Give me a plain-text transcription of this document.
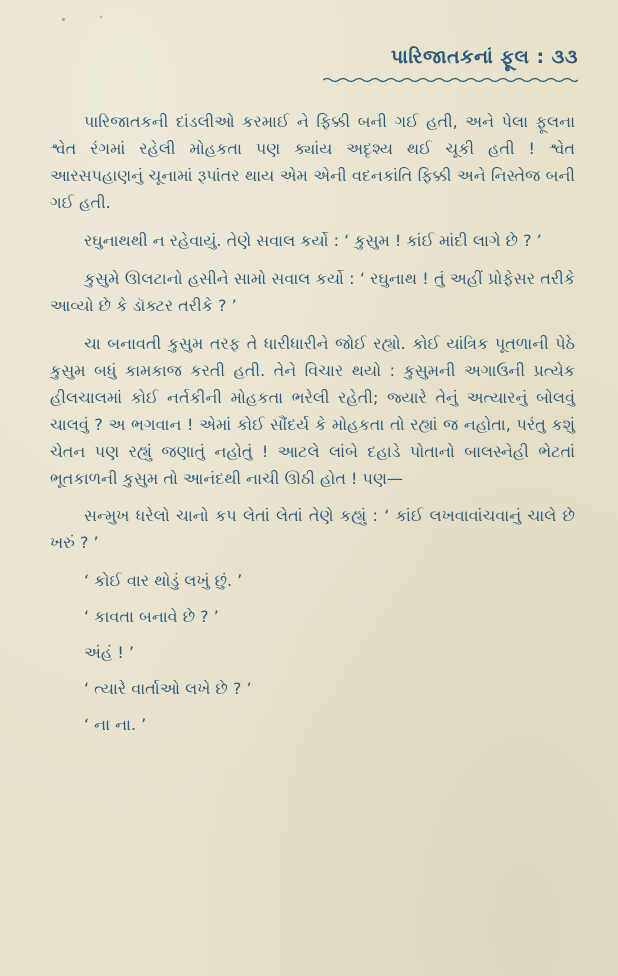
પારિજાતકનાં ફૂલ : ૩૩

પારિજાતકની દાંડલીઓ કરમાઈ ને ફિક્કી બની ગઈ હતી, અને પેલા ફૂલના શ્વેત રંગમાં રહેલી મોહકતા પણ ક્યાંય અદૃશ્ય થઈ ચૂકી હતી ! શ્વેત આરસપહાણનું ચૂનામાં રૂપાંતર થાય એમ એની વદનકાંતિ ફિક્કી અને નિસ્તેજ બની ગઈ હતી.

રઘુનાથથી ન રહેવાયું. તેણે સવાલ કર્યો : ‘ કુસુમ ! કાંઈ માંદી લાગે છે ? ’

કુસુમે ઊલટાનો હસીને સામો સવાલ કર્યો : ‘ રઘુનાથ ! તું અહીં પ્રોફેસર તરીકે આવ્યો છે કે ડૉક્ટર તરીકે ? ’

ચા બનાવતી કુસુમ તરફ તે ધારીધારીને જોઈ રહ્યો. કોઈ યાંત્રિક પૂતળાની પેઠે કુસુમ બધું કામકાજ કરતી હતી. તેને વિચાર થયો : કુસુમની અગાઉની પ્રત્યેક હીલચાલમાં કોઈ નર્તકીની મોહકતા ભરેલી રહેતી; જ્યારે તેનું અત્યારનું બોલવું ચાલવું ? અ ભગવાન ! એમાં કોઈ સૌંદર્ય કે મોહકતા તો રહ્યાં જ નહોતા, પરંતુ કશું ચેતન પણ રહ્યું જણાતું નહોતું ! આટલે લાંબે દહાડે પોતાનો બાલસ્નેહી ભેટતાં ભૂતકાળની કુસુમ તો આનંદથી નાચી ઊઠી હોત ! પણ—

સન્મુખ ધરેલો ચાનો કપ લેતાં લેતાં તેણે કહ્યું : ‘ કાંઈ લખવાવાંચવાનું ચાલે છે ખરું ? ’

‘ કોઈ વાર થોડું લખું છું. ’

‘ કાવતા બનાવે છે ? ’

અંહં ! ’

‘ ત્યારે વાર્તાઓ લખે છે ? ’

‘ ના ના. ’
